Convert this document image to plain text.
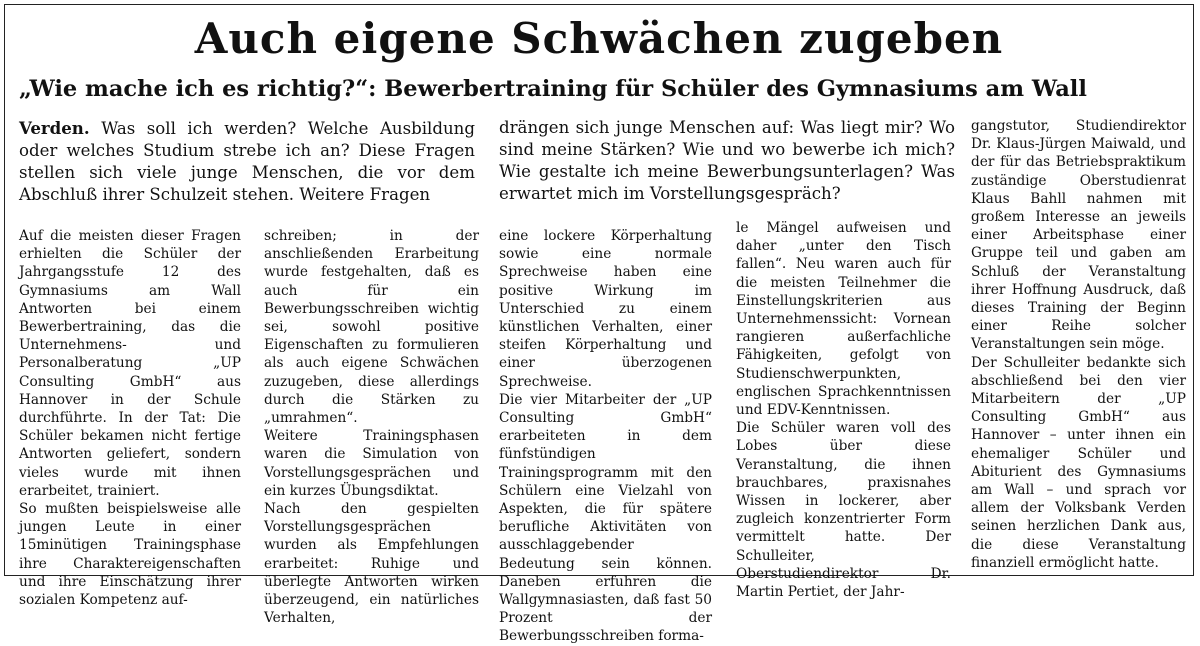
Auch eigene Schwächen zugeben
„Wie mache ich es richtig?“: Bewerbertraining für Schüler des Gymnasiums am Wall
Verden. Was soll ich werden? Welche Ausbildung oder welches Studium strebe ich an? Diese Fragen stellen sich viele junge Menschen, die vor dem Abschluß ihrer Schulzeit stehen. Weitere Fragen
drängen sich junge Menschen auf: Was liegt mir? Wo sind meine Stärken? Wie und wo bewerbe ich mich? Wie gestalte ich meine Bewerbungsunterlagen? Was erwartet mich im Vorstellungsgespräch?

Auf die meisten dieser Fragen erhielten die Schüler der Jahrgangsstufe 12 des Gymnasiums am Wall Antworten bei einem Bewerbertraining, das die Unternehmens- und Personalberatung „UP Consulting GmbH“ aus Hannover in der Schule durchführte. In der Tat: Die Schüler bekamen nicht fertige Antworten geliefert, sondern vieles wurde mit ihnen erarbeitet, trainiert.

So mußten beispielsweise alle jungen Leute in einer 15minütigen Trainingsphase ihre Charaktereigenschaften und ihre Einschätzung ihrer sozialen Kompetenz auf-

schreiben; in der anschließenden Erarbeitung wurde festgehalten, daß es auch für ein Bewerbungsschreiben wichtig sei, sowohl positive Eigenschaften zu formulieren als auch eigene Schwächen zuzugeben, diese allerdings durch die Stärken zu „umrahmen“.

Weitere Trainingsphasen waren die Simulation von Vorstellungsgesprächen und ein kurzes Übungsdiktat.

Nach den gespielten Vorstellungsgesprächen wurden als Empfehlungen erarbeitet: Ruhige und überlegte Antworten wirken überzeugend, ein natürliches Verhalten,

eine lockere Körperhaltung sowie eine normale Sprechweise haben eine positive Wirkung im Unterschied zu einem künstlichen Verhalten, einer steifen Körperhaltung und einer überzogenen Sprechweise.

Die vier Mitarbeiter der „UP Consulting GmbH“ erarbeiteten in dem fünfstündigen Trainingsprogramm mit den Schülern eine Vielzahl von Aspekten, die für spätere berufliche Aktivitäten von ausschlaggebender Bedeutung sein können. Daneben erfuhren die Wallgymnasiasten, daß fast 50 Prozent der Bewerbungsschreiben forma-

le Mängel aufweisen und daher „unter den Tisch fallen“. Neu waren auch für die meisten Teilnehmer die Einstellungskriterien aus Unternehmenssicht: Vornean rangieren außerfachliche Fähigkeiten, gefolgt von Studienschwerpunkten, englischen Sprachkenntnissen und EDV-Kenntnissen.

Die Schüler waren voll des Lobes über diese Veranstaltung, die ihnen brauchbares, praxisnahes Wissen in lockerer, aber zugleich konzentrierter Form vermittelt hatte. Der Schulleiter, Oberstudiendirektor Dr. Martin Pertiet, der Jahr-

gangstutor, Studiendirektor Dr. Klaus-Jürgen Maiwald, und der für das Betriebspraktikum zuständige Oberstudienrat Klaus Bahll nahmen mit großem Interesse an jeweils einer Arbeitsphase einer Gruppe teil und gaben am Schluß der Veranstaltung ihrer Hoffnung Ausdruck, daß dieses Training der Beginn einer Reihe solcher Veranstaltungen sein möge.

Der Schulleiter bedankte sich abschließend bei den vier Mitarbeitern der „UP Consulting GmbH“ aus Hannover – unter ihnen ein ehemaliger Schüler und Abiturient des Gymnasiums am Wall – und sprach vor allem der Volksbank Verden seinen herzlichen Dank aus, die diese Veranstaltung finanziell ermöglicht hatte.
